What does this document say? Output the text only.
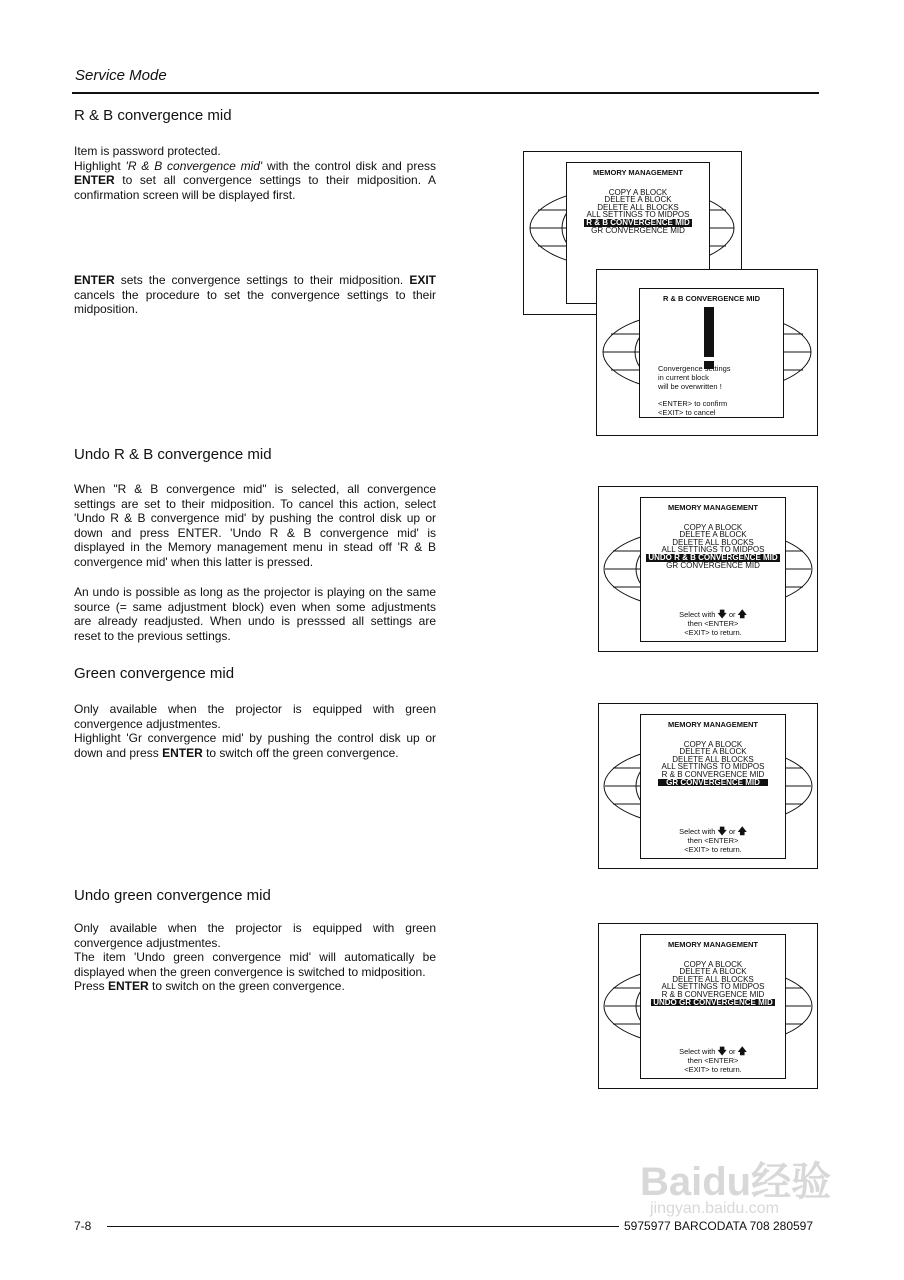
Service Mode
R & B convergence mid

Item is password protected.
Highlight 'R & B convergence mid' with the control disk and press ENTER to set all convergence settings to their midposition. A confirmation screen will be displayed first.

ENTER sets the convergence settings to their midposition. EXIT cancels the procedure to set the convergence settings to their midposition.

MEMORY MANAGEMENT
COPY A BLOCK
DELETE A BLOCK
DELETE ALL BLOCKS
ALL SETTINGS TO MIDPOS
R & B CONVERGENCE MID
GR CONVERGENCE MID
R & B CONVERGENCE MID
Convergence settings
in current block
will be overwritten !
<ENTER> to confirm
<EXIT> to cancel
Undo R & B convergence mid

When "R & B convergence mid" is selected, all convergence settings are set to their midposition. To cancel this action, select 'Undo R & B convergence mid' by pushing the control disk up or down and press ENTER. 'Undo R & B convergence mid' is displayed in the Memory management menu in stead off 'R & B convergence mid' when this latter is pressed.

An undo is possible as long as the projector is playing on the same source (= same adjustment block) even when some adjustments are already readjusted. When undo is presssed all settings are reset to the previous settings.

MEMORY MANAGEMENT
COPY A BLOCK
DELETE A BLOCK
DELETE ALL BLOCKS
ALL SETTINGS TO MIDPOS
UNDO R & B CONVERGENCE MID
GR CONVERGENCE MID
Select with 🡇 or 🡅
then <ENTER>
<EXIT> to return.
Green convergence mid

Only available when the projector is equipped with green convergence adjustmentes.

Highlight 'Gr convergence mid' by pushing the control disk up or down and press ENTER to switch off the green convergence.

MEMORY MANAGEMENT
COPY A BLOCK
DELETE A BLOCK
DELETE ALL BLOCKS
ALL SETTINGS TO MIDPOS
R & B CONVERGENCE MID
GR CONVERGENCE MID
Select with 🡇 or 🡅
then <ENTER>
<EXIT> to return.
Undo green convergence mid

Only available when the projector is equipped with green convergence adjustmentes.

The item 'Undo green convergence mid' will automatically be displayed when the green convergence is switched to midposition.

Press ENTER to switch on the green convergence.

MEMORY MANAGEMENT
COPY A BLOCK
DELETE A BLOCK
DELETE ALL BLOCKS
ALL SETTINGS TO MIDPOS
R & B CONVERGENCE MID
UNDO GR CONVERGENCE MID
Select with 🡇 or 🡅
then <ENTER>
<EXIT> to return.
Baidu经验
jingyan.baidu.com
7-8	5975977 BARCODATA 708 280597
